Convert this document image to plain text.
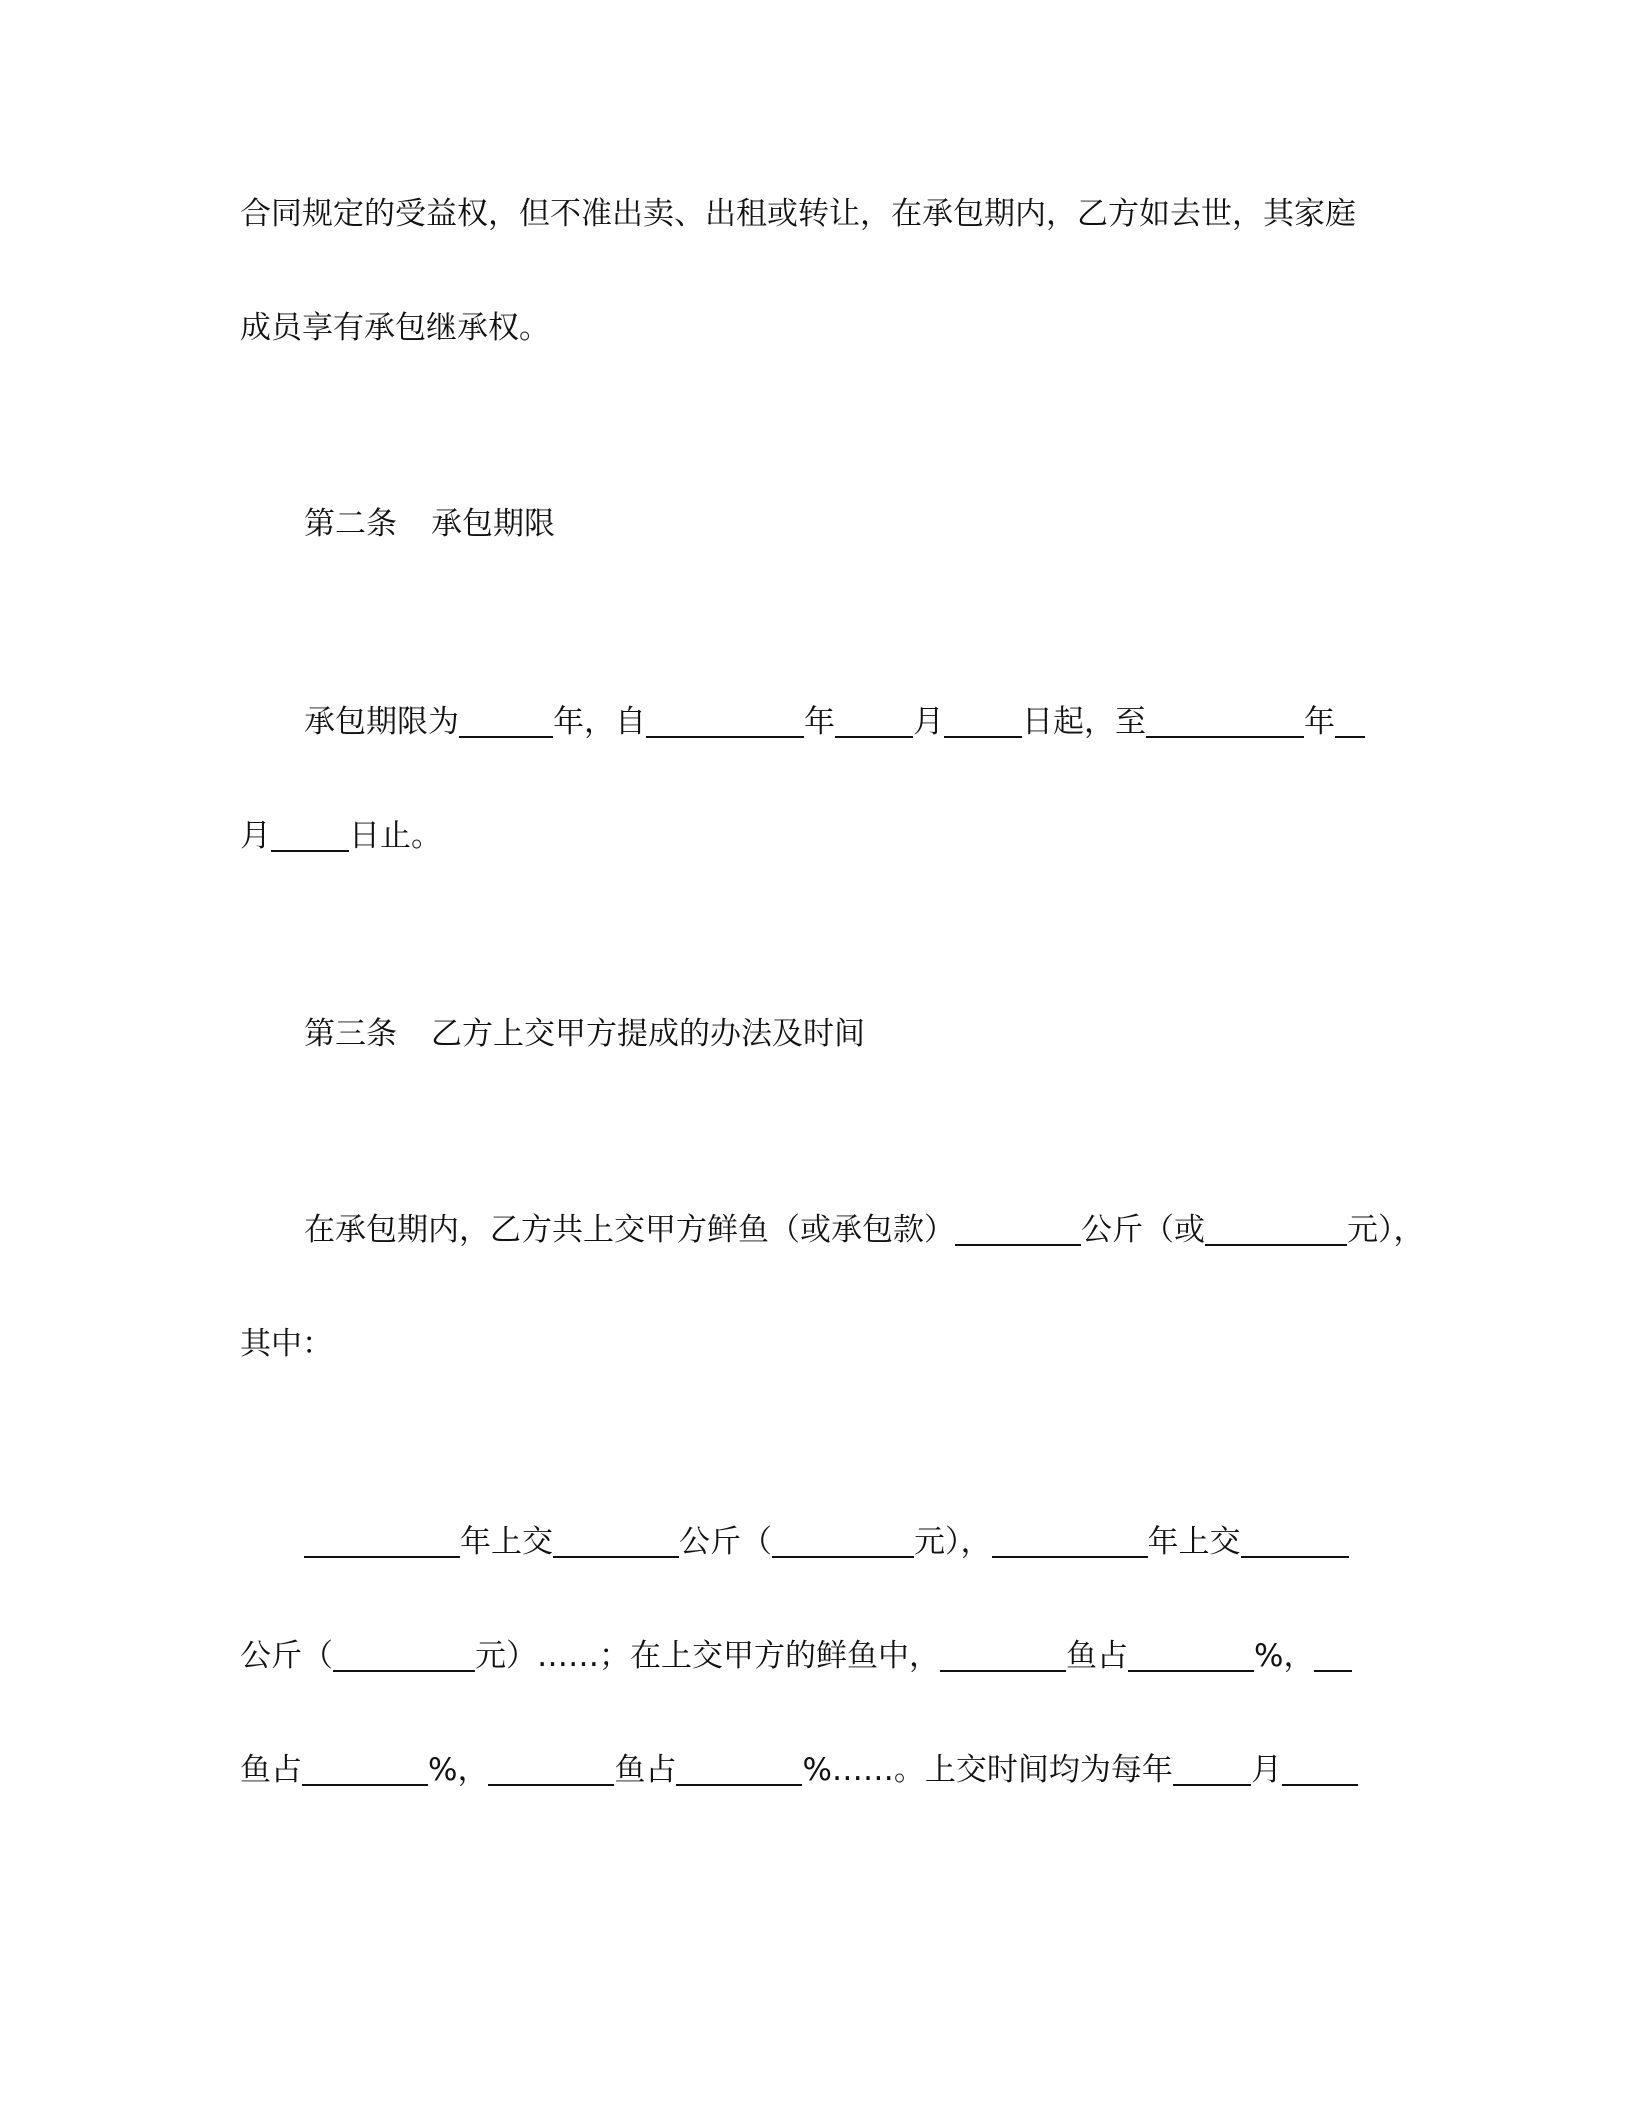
合同规定的受益权，但不准出卖、出租或转让，在承包期内，乙方如去世，其家庭
成员享有承包继承权。
第二条 承包期限
承包期限为	年，自	年	月	日起，至	年
月	日止。
第三条 乙方上交甲方提成的办法及时间
在承包期内，乙方共上交甲方鲜鱼（或承包款）	公斤（或	元），
其中：
年上交	公斤（	元），	年上交
公斤（	元）……；在上交甲方的鲜鱼中，	鱼占	%，
鱼占	%，	鱼占	%……。上交时间均为每年	月
